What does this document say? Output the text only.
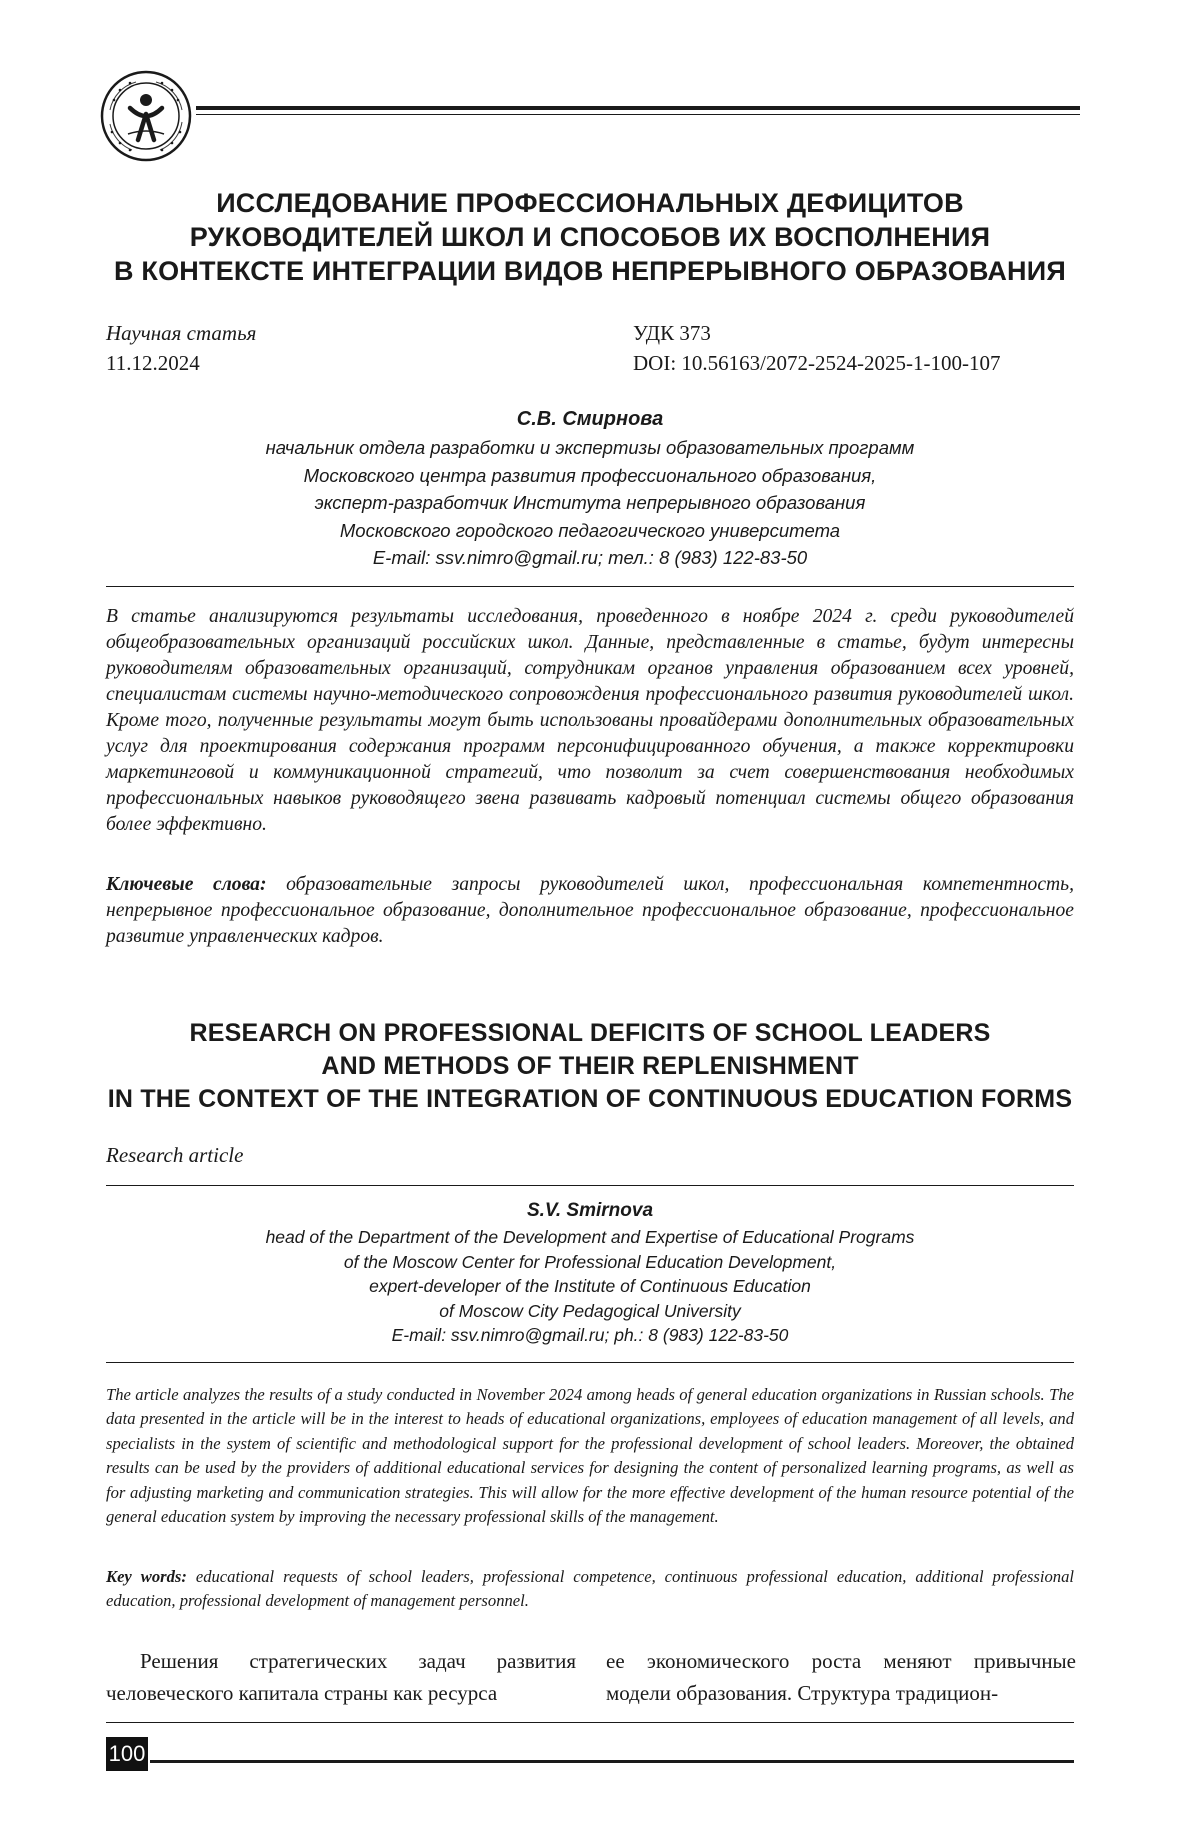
ИССЛЕДОВАНИЕ ПРОФЕССИОНАЛЬНЫХ ДЕФИЦИТОВ
РУКОВОДИТЕЛЕЙ ШКОЛ И СПОСОБОВ ИХ ВОСПОЛНЕНИЯ
В КОНТЕКСТЕ ИНТЕГРАЦИИ ВИДОВ НЕПРЕРЫВНОГО ОБРАЗОВАНИЯ
Научная статья
11.12.2024
УДК 373
DOI: 10.56163/2072-2524-2025-1-100-107
С.В. Смирнова
начальник отдела разработки и экспертизы образовательных программ
Московского центра развития профессионального образования,
эксперт-разработчик Института непрерывного образования
Московского городского педагогического университета
E-mail: ssv.nimro@gmail.ru; тел.: 8 (983) 122-83-50

В статье анализируются результаты исследования, проведенного в ноябре 2024 г. среди руководителей общеобразовательных организаций российских школ. Данные, представленные в статье, будут интересны руководителям образовательных организаций, сотрудникам органов управления образованием всех уровней, специалистам системы научно-методического сопровождения профессионального развития руководителей школ. Кроме того, полученные результаты могут быть использованы провайдерами дополнительных образовательных услуг для проектирования содержания программ персонифицированного обучения, а также корректировки маркетинговой и коммуникационной стратегий, что позволит за счет совершенствования необходимых профессиональных навыков руководящего звена развивать кадровый потенциал системы общего образования более эффективно.

Ключевые слова: образовательные запросы руководителей школ, профессиональная компетентность, непрерывное профессиональное образование, дополнительное профессиональное образование, профессиональное развитие управленческих кадров.

RESEARCH ON PROFESSIONAL DEFICITS OF SCHOOL LEADERS
AND METHODS OF THEIR REPLENISHMENT
IN THE CONTEXT OF THE INTEGRATION OF CONTINUOUS EDUCATION FORMS
Research article
S.V. Smirnova
head of the Department of the Development and Expertise of Educational Programs
of the Moscow Center for Professional Education Development,
expert-developer of the Institute of Continuous Education
of Moscow City Pedagogical University
E-mail: ssv.nimro@gmail.ru; ph.: 8 (983) 122-83-50

The article analyzes the results of a study conducted in November 2024 among heads of general education organizations in Russian schools. The data presented in the article will be in the interest to heads of educational organizations, employees of education management of all levels, and specialists in the system of scientific and methodological support for the professional development of school leaders. Moreover, the obtained results can be used by the providers of additional educational services for designing the content of personalized learning programs, as well as for adjusting marketing and communication strategies. This will allow for the more effective development of the human resource potential of the general education system by improving the necessary professional skills of the management.

Key words: educational requests of school leaders, professional competence, continuous professional education, additional professional education, professional development of management personnel.

Решения стратегических задач развития человеческого капитала страны как ресурса

ее экономического роста меняют привычные модели образования. Структура традицион-

100
